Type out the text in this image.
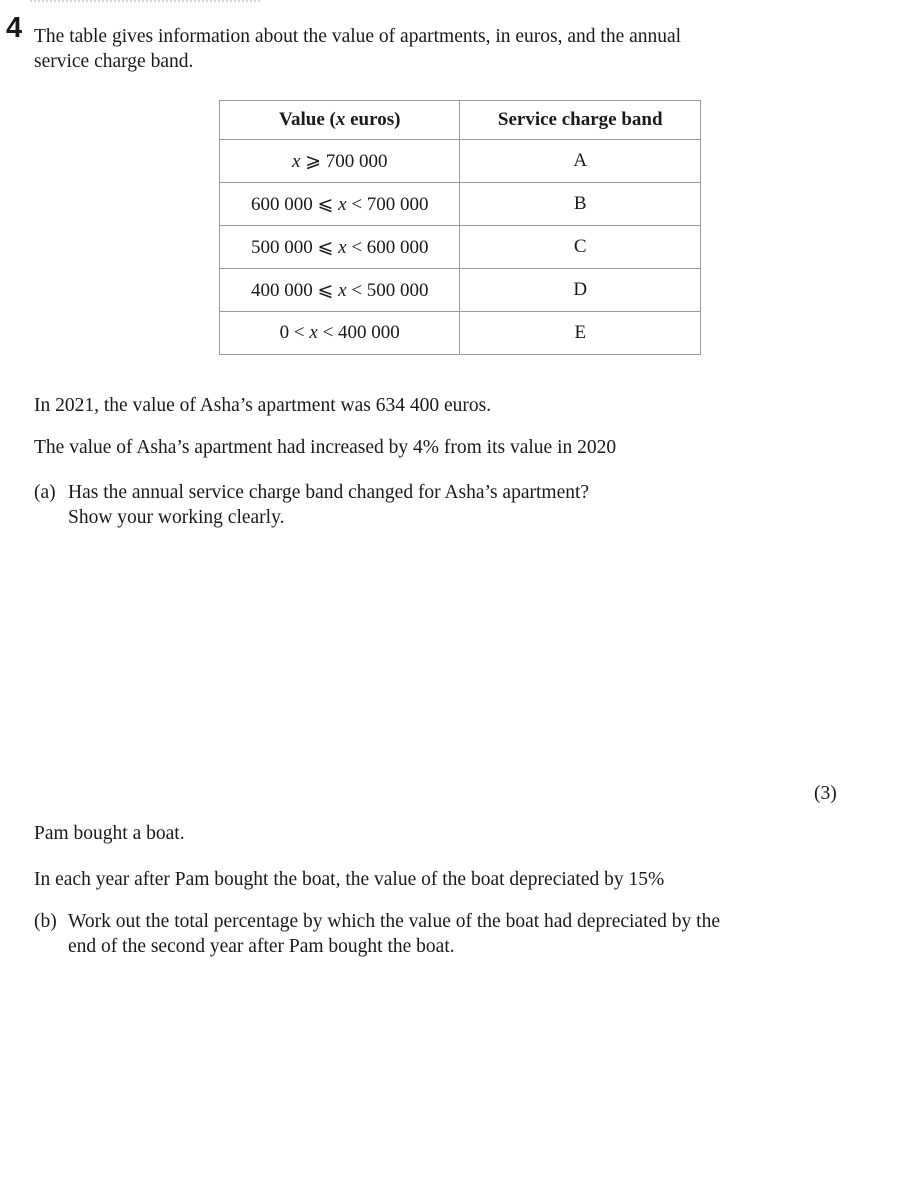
4 The table gives information about the value of apartments, in euros, and the annual
service charge band.
Value (x euros)	Service charge band
x ⩾ 700 000	A
600 000 ⩽ x < 700 000	B
500 000 ⩽ x < 600 000	C
400 000 ⩽ x < 500 000	D
0 < x < 400 000	E
In 2021, the value of Asha’s apartment was 634 400 euros.
The value of Asha’s apartment had increased by 4% from its value in 2020
(a) Has the annual service charge band changed for Asha’s apartment?
Show your working clearly.
(3)
Pam bought a boat.
In each year after Pam bought the boat, the value of the boat depreciated by 15%
(b) Work out the total percentage by which the value of the boat had depreciated by the
end of the second year after Pam bought the boat.
